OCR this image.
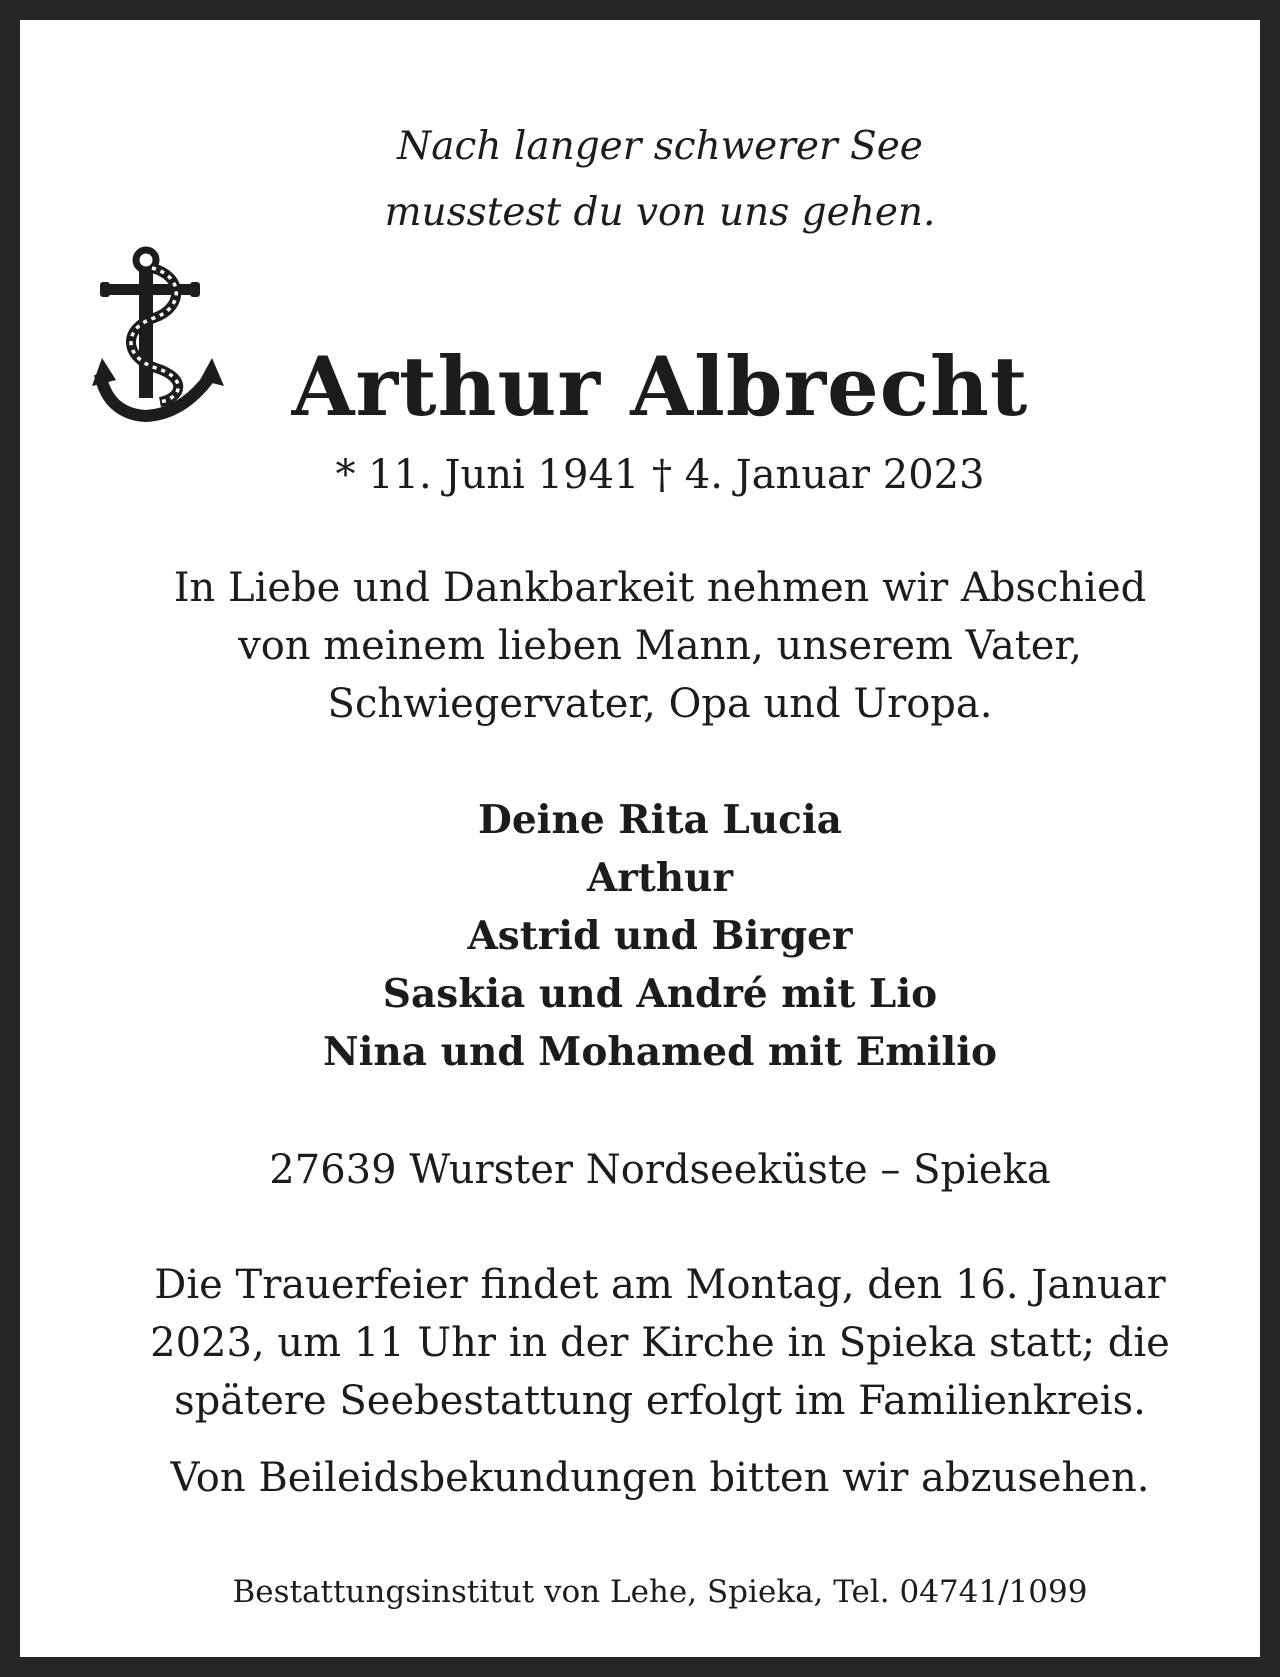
Nach langer schwerer See
musstest du von uns gehen.
Arthur Albrecht
* 11. Juni 1941 † 4. Januar 2023
In Liebe und Dankbarkeit nehmen wir Abschied
von meinem lieben Mann, unserem Vater,
Schwiegervater, Opa und Uropa.
Deine Rita Lucia
Arthur
Astrid und Birger
Saskia und André mit Lio
Nina und Mohamed mit Emilio
27639 Wurster Nordseeküste – Spieka
Die Trauerfeier findet am Montag, den 16. Januar
2023, um 11 Uhr in der Kirche in Spieka statt; die
spätere Seebestattung erfolgt im Familienkreis.
Von Beileidsbekundungen bitten wir abzusehen.
Bestattungsinstitut von Lehe, Spieka, Tel. 04741/1099
